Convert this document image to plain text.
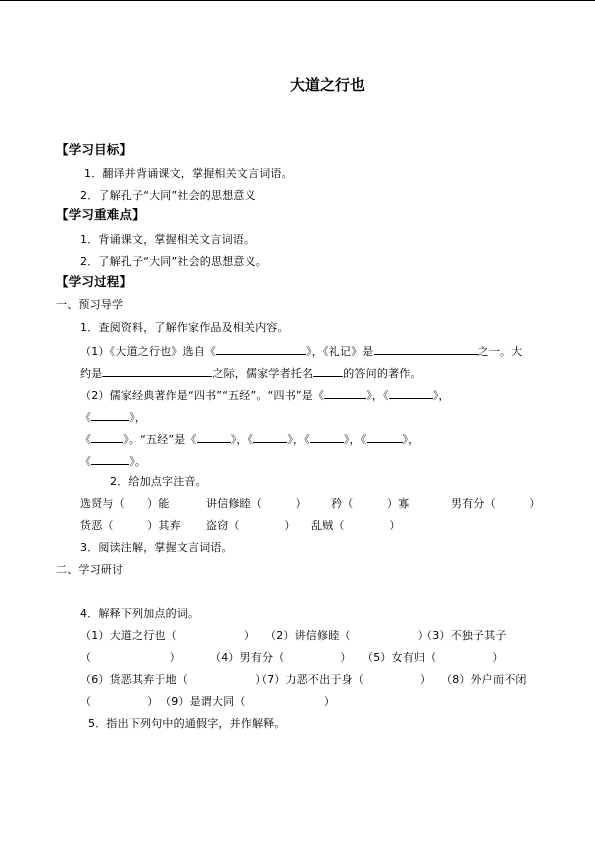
大道之行也
【学习目标】
1．翻译并背诵课文，掌握相关文言词语。
2．了解孔子“大同”社会的思想意义
【学习重难点】
1．背诵课文，掌握相关文言词语。
2．了解孔子“大同”社会的思想意义。
【学习过程】
一、预习导学
1．查阅资料，了解作家作品及相关内容。
（1）《大道之行也》选自《	》，《礼记》是	之一。大
约是	之际，儒家学者托名	的答问的著作。
（2）儒家经典著作是“四书”“五经”。“四书”是《	》，《	》，
《	》，
《	》。“五经”是《	》，《	》，《	》，《	》，
《	》。
2．给加点字注音。
选贤与（　　）能	讲信修睦（　　　） 矜（　　　）寡	男有分（　　　）
货恶（　　　）其弃 盗窃（　　　　） 乱贼（　　　　）
3．阅读注解，掌握文言词语。
二、学习研讨
4．解释下列加点的词。
（1）大道之行也（　　　　　　） （2）讲信修睦（　　　　　　）
（3）不独子其子
（　　　　　　　）	（4）男有分（　　　　　） （5）女有归（　　　　　）
（6）货恶其弃于地（　　　　　　）
（7）力恶不出于身（　　　　　） （8）外户而不闭
（　　　　　） （9）是谓大同（　　　　　　　）
5．指出下列句中的通假字，并作解释。
